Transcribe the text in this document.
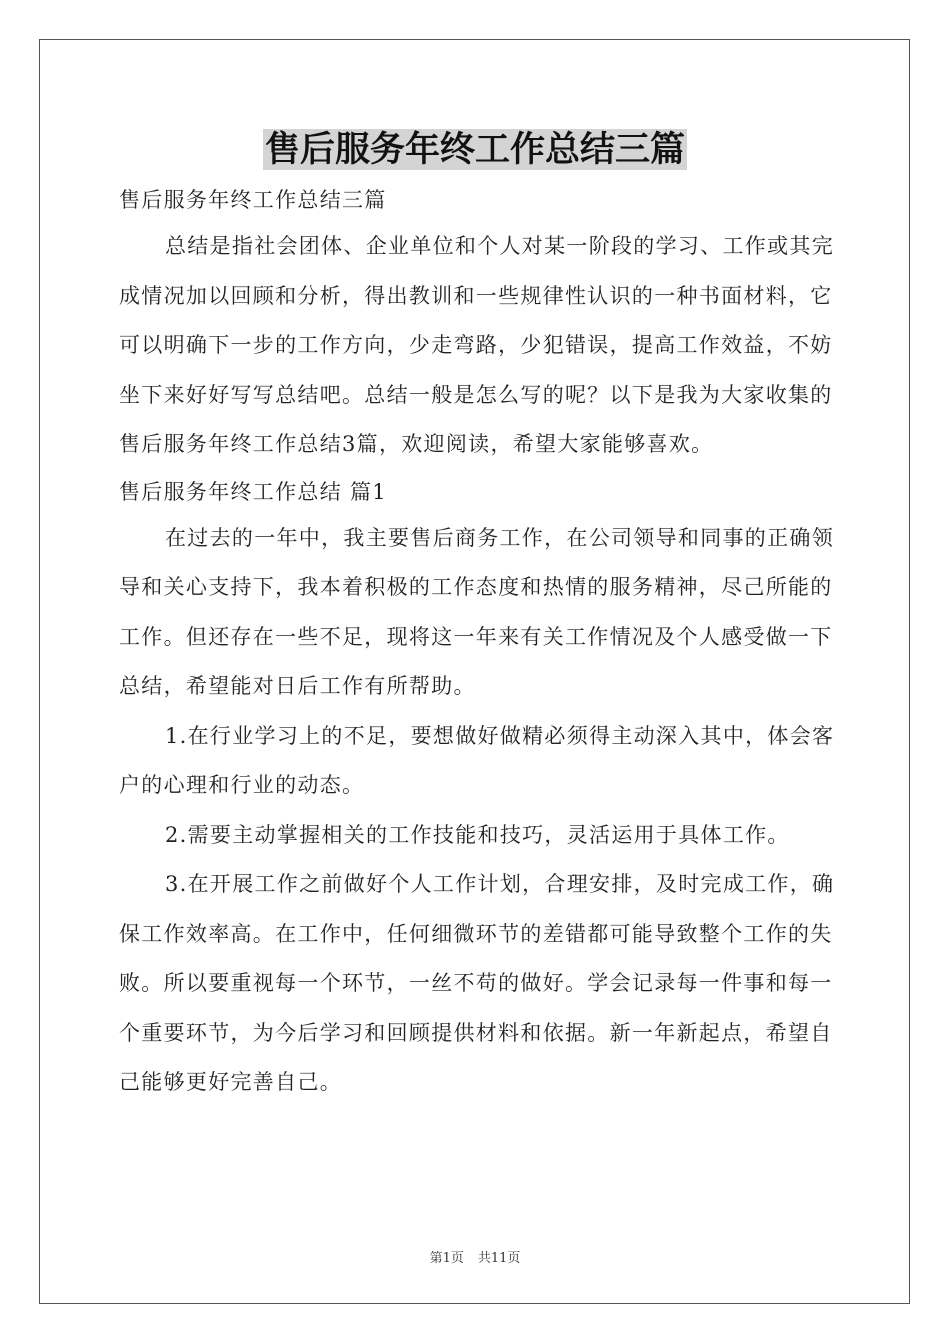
售后服务年终工作总结三篇

售后服务年终工作总结三篇

总结是指社会团体、企业单位和个人对某一阶段的学习、工作或其完成情况加以回顾和分析，得出教训和一些规律性认识的一种书面材料，它可以明确下一步的工作方向，少走弯路，少犯错误，提高工作效益，不妨坐下来好好写写总结吧。总结一般是怎么写的呢？以下是我为大家收集的售后服务年终工作总结3篇，欢迎阅读，希望大家能够喜欢。

售后服务年终工作总结 篇1

在过去的一年中，我主要售后商务工作，在公司领导和同事的正确领导和关心支持下，我本着积极的工作态度和热情的服务精神，尽己所能的工作。但还存在一些不足，现将这一年来有关工作情况及个人感受做一下总结，希望能对日后工作有所帮助。

1.在行业学习上的不足，要想做好做精必须得主动深入其中，体会客户的心理和行业的动态。

2.需要主动掌握相关的工作技能和技巧，灵活运用于具体工作。

3.在开展工作之前做好个人工作计划，合理安排，及时完成工作，确保工作效率高。在工作中，任何细微环节的差错都可能导致整个工作的失败。所以要重视每一个环节，一丝不苟的做好。学会记录每一件事和每一个重要环节，为今后学习和回顾提供材料和依据。新一年新起点，希望自己能够更好完善自己。

第1页 共11页
